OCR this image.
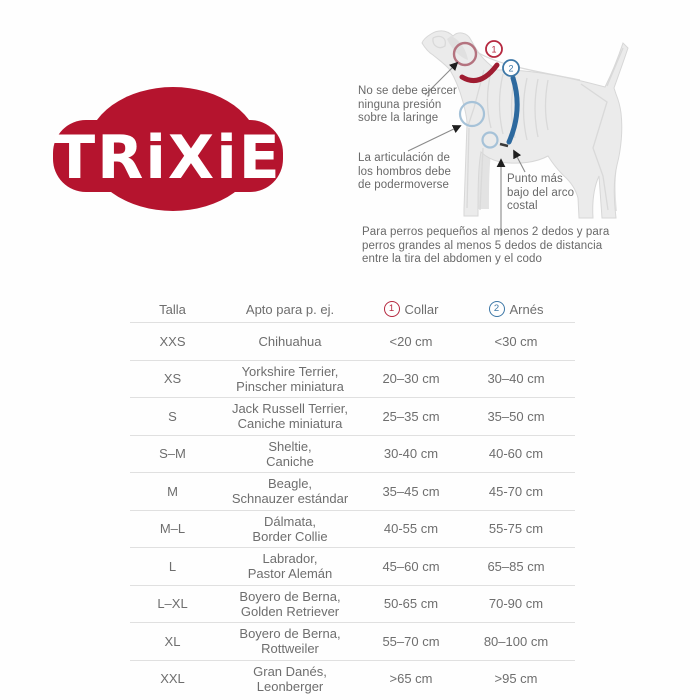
TRiXiE
1
2
No se debe ejercer
ninguna presión
sobre la laringe
La articulación de
los hombros debe
de podermoverse	Punto más
bajo del arco
costal
Para perros pequeños al menos 2 dedos y para
perros grandes al menos 5 dedos de distancia
entre la tira del abdomen y el codo
Talla	Apto para p. ej.	1 Collar	2 Arnés
XXS	Chihuahua	<20 cm	<30 cm
XS	Yorkshire Terrier,
Pinscher miniatura	20–30 cm	30–40 cm
S	Jack Russell Terrier,
Caniche miniatura	25–35 cm	35–50 cm
S–M	Sheltie,
Caniche	30-40 cm	40-60 cm
M	Beagle,
Schnauzer estándar	35–45 cm	45-70 cm
M–L	Dálmata,
Border Collie	40-55 cm	55-75 cm
L	Labrador,
Pastor Alemán	45–60 cm	65–85 cm
L–XL	Boyero de Berna,
Golden Retriever	50-65 cm	70-90 cm
XL	Boyero de Berna,
Rottweiler	55–70 cm	80–100 cm
XXL	Gran Danés,
Leonberger	>65 cm	>95 cm
